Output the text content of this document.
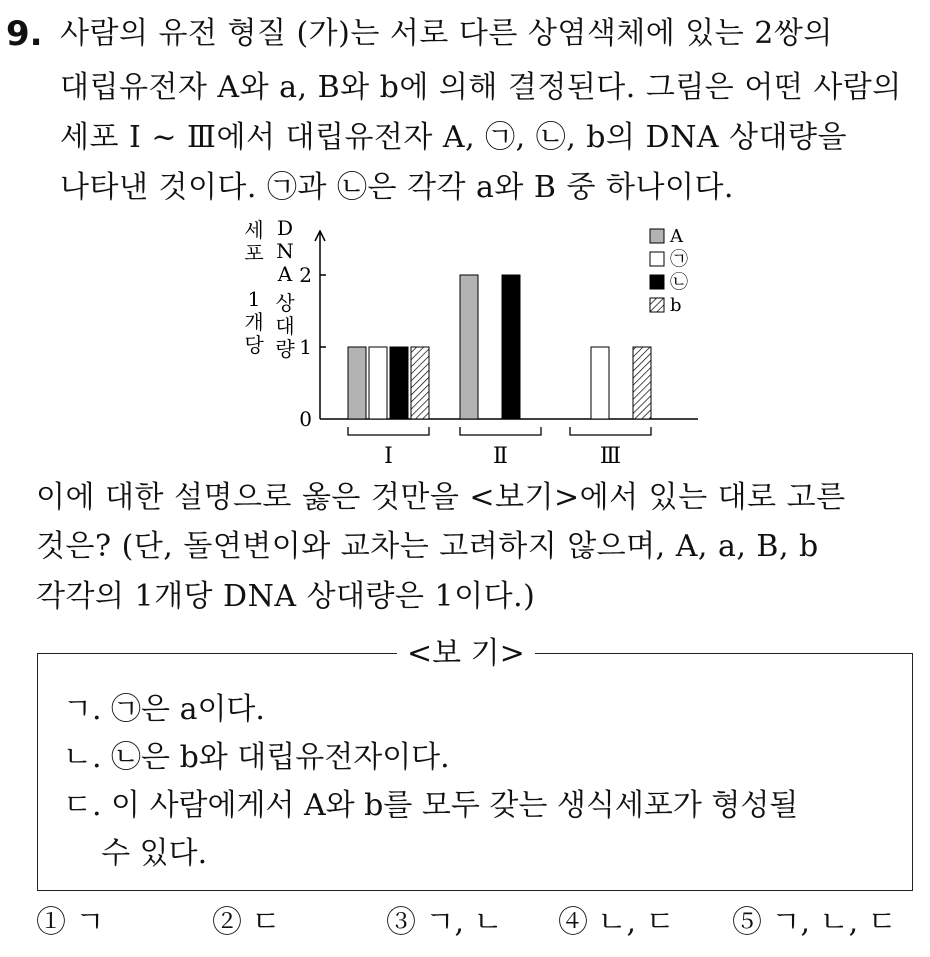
9. 사람의 유전 형질 (가)는 서로 다른 상염색체에 있는 2쌍의
대립유전자 A와 a, B와 b에 의해 결정된다. 그림은 어떤 사람의
세포 Ⅰ ~ Ⅲ에서 대립유전자 A, ㉠, ㉡, b의 DNA 상대량을
나타낸 것이다. ㉠과 ㉡은 각각 a와 B 중 하나이다.
0
1
2
세
포
1
개
당
D
N
A
상
대
량
Ⅰ	Ⅱ	Ⅲ
A
㉠
㉡
b
이에 대한 설명으로 옳은 것만을 <보기>에서 있는 대로 고른
것은? (단, 돌연변이와 교차는 고려하지 않으며, A, a, B, b
각각의 1개당 DNA 상대량은 1이다.)
<보 기>
ㄱ. ㉠은 a이다.
ㄴ. ㉡은 b와 대립유전자이다.
ㄷ. 이 사람에게서 A와 b를 모두 갖는 생식세포가 형성될
수 있다.
① ㄱ	② ㄷ	③ ㄱ, ㄴ ④ ㄴ, ㄷ ⑤ ㄱ, ㄴ, ㄷ
